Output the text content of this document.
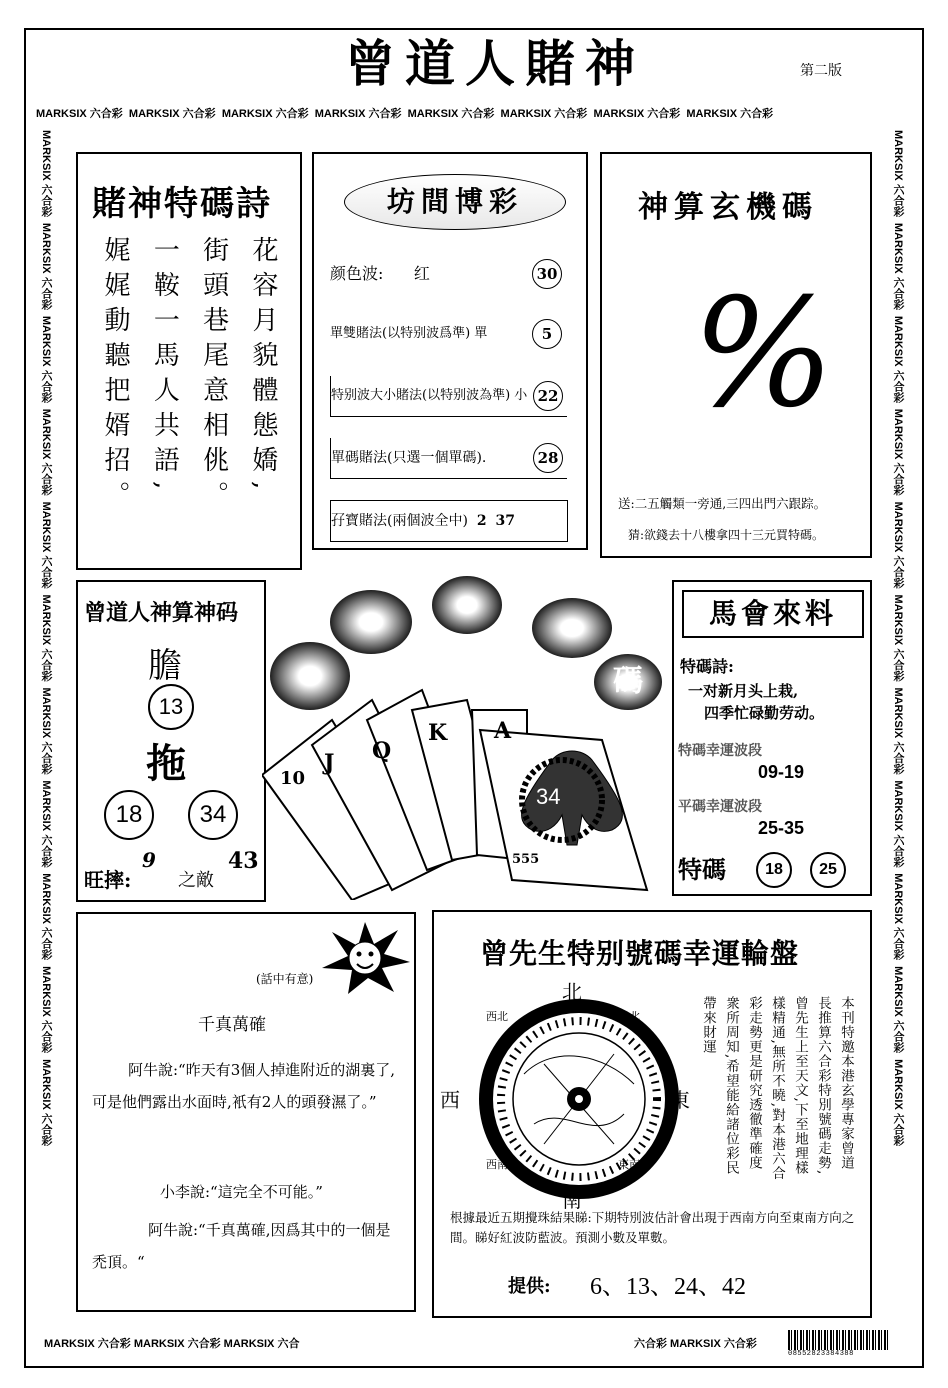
曾道人賭神	第二版
MARKSIX 六合彩 MARKSIX 六合彩 MARKSIX 六合彩 MARKSIX 六合彩 MARKSIX 六合彩 MARKSIX 六合彩 MARKSIX 六合彩 MARKSIX 六合彩
MARKSIX 六合彩  MARKSIX 六合彩  MARKSIX 六合彩  MARKSIX 六合彩  MARKSIX 六合彩  MARKSIX 六合彩  MARKSIX 六合彩  MARKSIX 六合彩  MARKSIX 六合彩  MARKSIX 六合彩  MARKSIX 六合彩
MARKSIX 六合彩  MARKSIX 六合彩  MARKSIX 六合彩  MARKSIX 六合彩  MARKSIX 六合彩  MARKSIX 六合彩  MARKSIX 六合彩  MARKSIX 六合彩  MARKSIX 六合彩  MARKSIX 六合彩  MARKSIX 六合彩
賭神特碼詩
娓娓動聽把婿招。 一鞍一馬人共語, 街頭巷尾意相佻。 花容月貌體態嬌,
坊間博彩
颜色波: 红	30
單雙賭法(以特别波爲準) 單	5
特别波大小賭法(以特别波為準) 小 22
單碼賭法(只選一個單碼).	28
孖寶賭法(兩個波全中) 2 37
神算玄機碼
%
送:二五觸類一旁通,三四出門六跟踪。
猜:欲錢去十八樓拿四十三元買特碼。
曾道人神算神码
膽
13
拖
18	34
旺摔:
9
之敵
43
碼
10
J Q
K A
34
555
馬會來料
特碼詩:
一对新月头上栽,
四季忙碌勤劳动。
特碼幸運波段
09-19
平碼幸運波段
25-35
特碼	18	25
(話中有意)
千真萬確
阿牛說:“昨天有3個人掉進附近的湖裏了,可是他們露出水面時,衹有2人的頭發濕了。”
小李說:“這完全不可能。”
阿牛說:“千真萬確,因爲其中的一個是禿頂。“
曾先生特别號碼幸運輪盤
北
南
東
西
東北
西北
西南	東南	本刊特邀本港玄學專家曾道長推算六合彩特別號碼走勢,曾先生上至天文,下至地理樣樣精通,無所不曉,對本港六合彩走勢更是研究透徹準確度衆所周知,希望能給諸位彩民帶來財運
根據最近五期攪珠結果睇:下期特別波估計會出現于西南方向至東南方向之間。睇好紅波防藍波。預測小數及單數。
提供: 6、13、24、42
MARKSIX 六合彩 MARKSIX 六合彩 MARKSIX 六合	六合彩 MARKSIX 六合彩
08552823384388
